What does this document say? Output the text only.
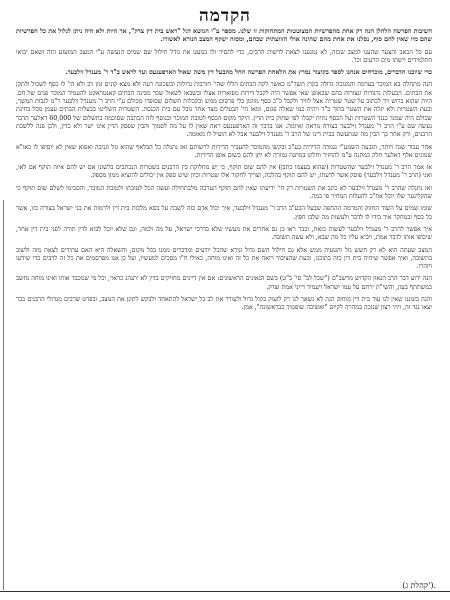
הקדמה

חשיבות הפרשה הלהלן הנה רק אחת מהפרשיות המצוטטות המתחזקות זו שלנו. מספר ע"י הגושא דגל "ראש בית דין צדק", אך היות ולא היה ניתן לגלול את כל הפרשיות שהם מיו שאין להם סוף, נסלנו את אחת מהם שהינה אולי הזוועתית שבהם, ומסוה ישקף המצב הנורא לאשורו.

עם כל הכאב והצער שהענו למצב שכזה, לא נמנענו לצאת לרשות הרבים, כדי להסיר ולו במעט את גודל חילול שם שמים הנעשה ע"י המצב המזעזע הזה ושאם יבואו התלמידים וישתו מים הרעים וכו'.

כדי שיובנו הדברים, מוכרחים אנחנו לספר בקיצור נמרץ את הלאחת הפרשה החל מהבעל דין משה שאול הארפענעס ועד לראש ב"ד ר' מענדל זילבער.

הנה מתחלה בא המוכר בערמה והמנוכה גדולה בקרן תשד"מ כאשר לקח הבתים הללו שהי' חורבות גדולות ובשכונה רעה ולא מצא קונים זמן רב ולא הי' לו כסף לשכול ולתקן את הבתים. הבעלות נדנודות ונצורות בהם שבאופן שאי אפשר היה לקבל דירות מפוארות אצלו וכשבאו לשאול שכר מבינה הבתים קאנטראקט להעמיד המוכר פנים של חס. היות שהוא ברוש ויד לכתוב על שטר שטרות אצל לוויד ולקבל כ"כ כסף מזומן בלי פרסום ממש ובקבלות תשלום שסופרו מכולם ע"י הרב ר' מענדל זילבער ר"מ לגבות המשך, ובעת השטרות ולא יגלה את השטר בתוך ב"ד ויהיה כמו שאלה פגום, ומאז הי' הבעלים מצד אחד גובל עם בית הכנסת. השטרות השליטו בבעלות הבתים עצמן מכל בחינת שכולם היה שמנד כנגד השטרות ועל הכסף נתיח יקבלו לפי שחוק בית הדין. היקר מקום הכסף לטובת המוכר ובנוסף לזה הכתבה שסוכמה בתשלום של 60,000 דאלער הדבר נעשה שם ע"י הרב ר' מענדל זילבער בצורה נוראה ואיומה. אנו בדבר זה הארפענעס ראה שאין לו על מה לסמוך והבין שפסק הדין אינו ישר ולא כדין, ולכן פנה ללשכת הרבנים, ורק אחר כך הבין מה שנתעשה בבית דינו של הרב ר' מענדל זילבער אבל לא הועיל לו מאומה.

אחר עבור שנה ויותר, תובעה השמע"י נגמרה הדירות בע"כ ובקשו מהמוכר להעביר הדירות לרשותם ואז נתגלה כל הבלאף שהוא גזל וגניבה ואפוא שאין לא יוסיפו לו כאו"א שמונים אלף דאלער חלק כמתנה ע"מ להחזיר וחלקו במתנה גמורה לא יתן להם בשום אופן הדירות.

אז אמר הרב ר' מענדל זילבער שהשטרות (שהוא בעצמו כתבן) אין להם שום תוקף, כי יש מחלוקת בין הרבנים בשטרות הנכתבים בלשונו אם יש להם איזה תוקף אם לאו, ואני (הרב ר' מענדל זילבער) פוסק אשר לדעתו, יש להם תוקף כהלכה, וצריך לחקור אלו שטרות וכיון שיש ספק אין יכולים להוציא ממון מספק.

ואז נתגלה שהרב ר' מענדל זילבער לא כתב את השטרות רק הי' ידיעתו שאין להם תוקף הערכה מלכתחילה ועשה הכל לטובתו ולטובת המוכר, והסכימו לשלם שום תוקף כי שהקלינער שלו יוכל אח"כ להעלות המחיר פי כמה.

שומו שמים על השוד החזוק והמרמה ההחפה שבעל הבע"ב הרב ר' מענדל זילבער, איך יכול אדם כזה לשבת על כסא מלכות בית דין ולרמות את בני ישראל בצורה כזו, אשר כל כסף ובמחקר איך בידו לו לדבר ולעשות מה שלבו חפץ.

איך אפשר להרב ר' מענדל זילבער לעשות כזאת, וכבר ראו כן גם אחרים את מעשיו שלא בדרכי ישראל, על מה ולמה, וגם שלא יוכל לבוא לדין תורה לפני בית דין אחר, שיכופו אותו לדבר אמת, ויביא עליו כל מה שבא, ולא עשה תשובה.

המצב שעתה הוא לא רק חשש גזל והטעיה ממש אלא גם חילול השם גדול ונורא שהכל יודעים ומדברים ממנו בכל מקום, והשאלה היא האם עתידים לצאת מזה ולשוב בתשובה, ואיך אפשר שיהיה בית דין כזה בתוכנו, ובעת שהציבור רואה את כל זה ואינו מוחה, כאילו ח"ו מסכים למעשיו, ועל כן אנו מפרסמים את כל זה לרבים כדי שידעו ויזהרו.

הנה ידוע דבר הרב הגאון הקדוש מרשב"ם ("שכל לב" סי' כ"ט) בשם הגאונים הראשונים: אם אין דיינים מחזיקים בדין לא יתנהג כראוי, וכל מי שמכבד אותו ואינו מוחה נחשב כמשתתף בעון, והשי"ת ירחם על עמו ישראל ויעמיד דייני אמת וצדק.

והנה בזמננו שאין לנו עוד בית דין מוחזק הנה לא נשאר לנו רק לזעוק בקול גדול ולעורר את לב כל ישראל להתאחד ולבקש לתקן את המצב, ובפרט שרבים מגדולי הרבנים כבר יצאו נגד זה, ויהי רצון שנזכה במהרה לקיום "ואשיבה שופטיך כבראשונה", אמן.

(קהלת ג').
